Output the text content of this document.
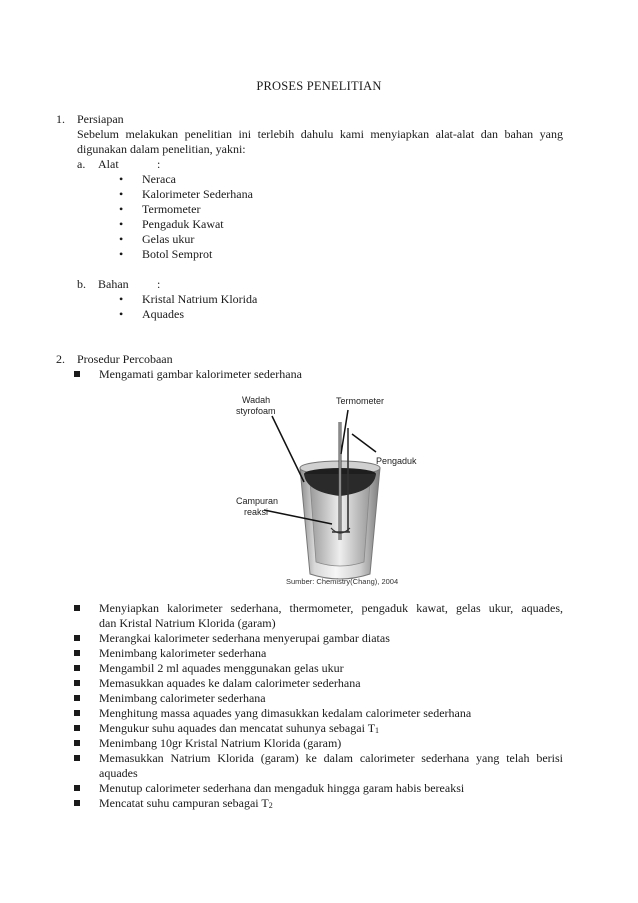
PROSES PENELITIAN
1. Persiapan
Sebelum melakukan penelitian ini terlebih dahulu kami menyiapkan alat-alat dan bahan yang
digunakan dalam penelitian, yakni:
a. Alat	:
• Neraca
• Kalorimeter Sederhana
• Termometer
• Pengaduk Kawat
• Gelas ukur
• Botol Semprot
b. Bahan :
• Kristal Natrium Klorida
• Aquades
2. Prosedur Percobaan
Mengamati gambar kalorimeter sederhana
Wadah
styrofoam
Termometer
Pengaduk
Campuran
reaksi
Sumber: Chemistry(Chang), 2004
Menyiapkan kalorimeter sederhana, thermometer, pengaduk kawat, gelas ukur, aquades,
dan Kristal Natrium Klorida (garam)
Merangkai kalorimeter sederhana menyerupai gambar diatas
Menimbang kalorimeter sederhana
Mengambil 2 ml aquades menggunakan gelas ukur
Memasukkan aquades ke dalam calorimeter sederhana
Menimbang calorimeter sederhana
Menghitung massa aquades yang dimasukkan kedalam calorimeter sederhana
Mengukur suhu aquades dan mencatat suhunya sebagai T1
Menimbang 10gr Kristal Natrium Klorida (garam)
Memasukkan Natrium Klorida (garam) ke dalam calorimeter sederhana yang telah berisi
aquades
Menutup calorimeter sederhana dan mengaduk hingga garam habis bereaksi
Mencatat suhu campuran sebagai T2
